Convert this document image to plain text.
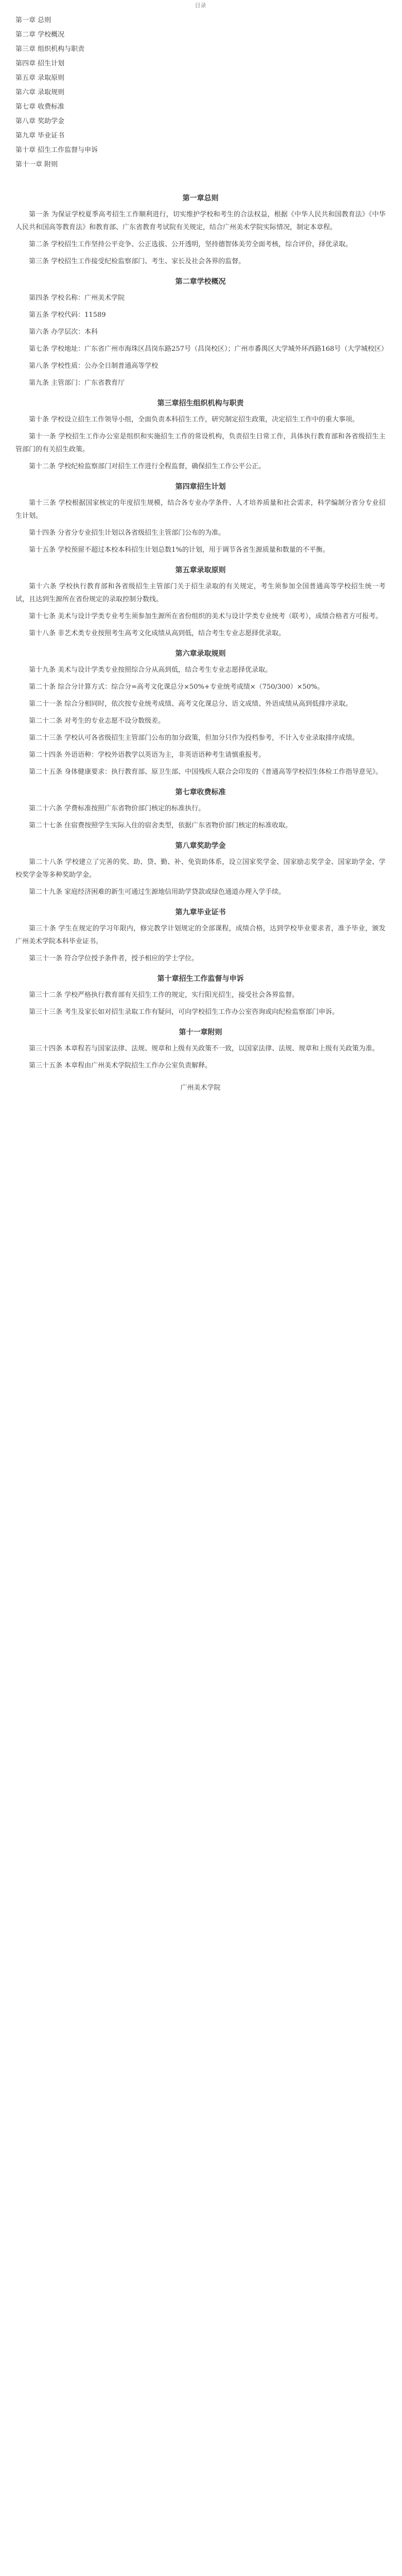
目录
第一章 总则
第二章 学校概况
第三章 组织机构与职责
第四章 招生计划
第五章 录取原则
第六章 录取规则
第七章 收费标准
第八章 奖助学金
第九章 毕业证书
第十章 招生工作监督与申诉
第十一章 附则
第一章总则

第一条 为保证学校夏季高考招生工作顺利进行，切实维护学校和考生的合法权益，根据《中华人民共和国教育法》《中华人民共和国高等教育法》和教育部、广东省教育考试院有关规定，结合广州美术学院实际情况，制定本章程。

第二条 学校招生工作坚持公平竞争、公正选拔、公开透明，坚持德智体美劳全面考核，综合评价，择优录取。

第三条 学校招生工作接受纪检监察部门、考生、家长及社会各界的监督。

第二章学校概况

第四条 学校名称：广州美术学院

第五条 学校代码：11589

第六条 办学层次：本科

第七条 学校地址：广东省广州市海珠区昌岗东路257号（昌岗校区）；广州市番禺区大学城外环西路168号（大学城校区）

第八条 学校性质：公办全日制普通高等学校

第九条 主管部门：广东省教育厅

第三章招生组织机构与职责

第十条 学校设立招生工作领导小组，全面负责本科招生工作，研究制定招生政策，决定招生工作中的重大事项。

第十一条 学校招生工作办公室是组织和实施招生工作的常设机构，负责招生日常工作，具体执行教育部和各省级招生主管部门的有关招生政策。

第十二条 学校纪检监察部门对招生工作进行全程监督，确保招生工作公平公正。

第四章招生计划

第十三条 学校根据国家核定的年度招生规模，结合各专业办学条件、人才培养质量和社会需求，科学编制分省分专业招生计划。

第十四条 分省分专业招生计划以各省级招生主管部门公布的为准。

第十五条 学校预留不超过本校本科招生计划总数1%的计划，用于调节各省生源质量和数量的不平衡。

第五章录取原则

第十六条 学校执行教育部和各省级招生主管部门关于招生录取的有关规定，考生须参加全国普通高等学校招生统一考试，且达到生源所在省份规定的录取控制分数线。

第十七条 美术与设计学类专业考生须参加生源所在省份组织的美术与设计学类专业统考（联考），成绩合格者方可报考。

第十八条 非艺术类专业按照考生高考文化成绩从高到低，结合考生专业志愿择优录取。

第六章录取规则

第十九条 美术与设计学类专业按照综合分从高到低，结合考生专业志愿择优录取。

第二十条 综合分计算方式：综合分=高考文化课总分×50%+专业统考成绩×（750/300）×50%。

第二十一条 综合分相同时，依次按专业统考成绩、高考文化课总分、语文成绩、外语成绩从高到低排序录取。

第二十二条 对考生的专业志愿不设分数级差。

第二十三条 学校认可各省级招生主管部门公布的加分政策，但加分只作为投档参考，不计入专业录取排序成绩。

第二十四条 外语语种：学校外语教学以英语为主，非英语语种考生请慎重报考。

第二十五条 身体健康要求：执行教育部、原卫生部、中国残疾人联合会印发的《普通高等学校招生体检工作指导意见》。

第七章收费标准

第二十六条 学费标准按照广东省物价部门核定的标准执行。

第二十七条 住宿费按照学生实际入住的宿舍类型，依据广东省物价部门核定的标准收取。

第八章奖助学金

第二十八条 学校建立了完善的奖、助、贷、勤、补、免资助体系，设立国家奖学金、国家励志奖学金、国家助学金、学校奖学金等多种奖助学金。

第二十九条 家庭经济困难的新生可通过生源地信用助学贷款或绿色通道办理入学手续。

第九章毕业证书

第三十条 学生在规定的学习年限内，修完教学计划规定的全部课程，成绩合格，达到学校毕业要求者，准予毕业，颁发广州美术学院本科毕业证书。

第三十一条 符合学位授予条件者，授予相应的学士学位。

第十章招生工作监督与申诉

第三十二条 学校严格执行教育部有关招生工作的规定，实行阳光招生，接受社会各界监督。

第三十三条 考生及家长如对招生录取工作有疑问，可向学校招生工作办公室咨询或向纪检监察部门申诉。

第十一章附则

第三十四条 本章程若与国家法律、法规、规章和上级有关政策不一致，以国家法律、法规、规章和上级有关政策为准。

第三十五条 本章程由广州美术学院招生工作办公室负责解释。

广州美术学院
